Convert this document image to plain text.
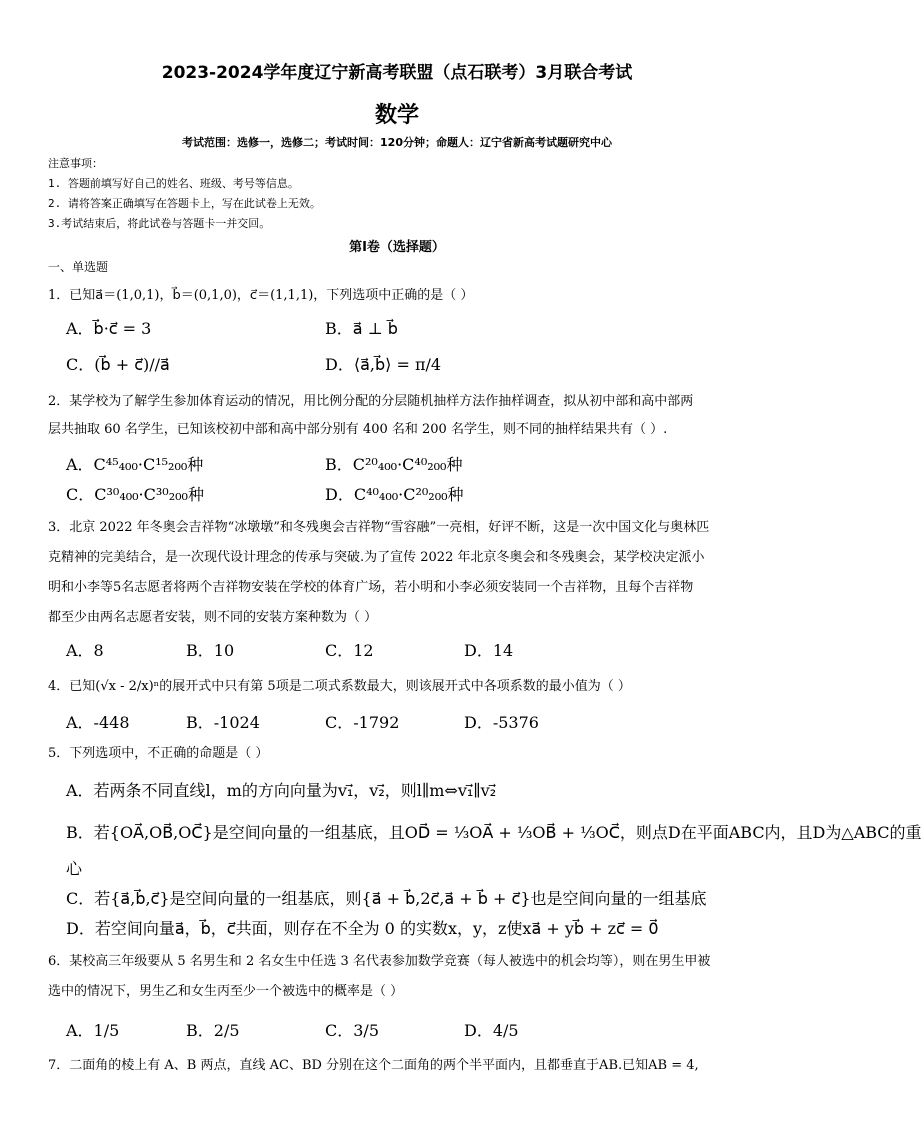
2023-2024学年度辽宁新高考联盟（点石联考）3月联合考试
数学
考试范围：选修一，选修二；考试时间：120分钟；命题人：辽宁省新高考试题研究中心
注意事项：
1. 答题前填写好自己的姓名、班级、考号等信息。
2. 请将答案正确填写在答题卡上，写在此试卷上无效。
3.考试结束后，将此试卷与答题卡一并交回。
第Ⅰ卷（选择题）
一、单选题
1．已知a⃗＝(1,0,1)，b⃗＝(0,1,0)，c⃗＝(1,1,1)，下列选项中正确的是（ ）
A．b⃗·c⃗ = 3	B．a⃗ ⊥ b⃗
C．(b⃗ + c⃗)//a⃗	D．⟨a⃗,b⃗⟩ = π/4
2．某学校为了解学生参加体育运动的情况，用比例分配的分层随机抽样方法作抽样调查，拟从初中部和高中部两
层共抽取 60 名学生，已知该校初中部和高中部分别有 400 名和 200 名学生，则不同的抽样结果共有（ ）.
A．C⁴⁵₄₀₀·C¹⁵₂₀₀种	B．C²⁰₄₀₀·C⁴⁰₂₀₀种
C．C³⁰₄₀₀·C³⁰₂₀₀种	D．C⁴⁰₄₀₀·C²⁰₂₀₀种
3．北京 2022 年冬奥会吉祥物“冰墩墩”和冬残奥会吉祥物“雪容融”一亮相，好评不断，这是一次中国文化与奥林匹
克精神的完美结合，是一次现代设计理念的传承与突破.为了宣传 2022 年北京冬奥会和冬残奥会，某学校决定派小
明和小李等5名志愿者将两个吉祥物安装在学校的体育广场，若小明和小李必须安装同一个吉祥物，且每个吉祥物
都至少由两名志愿者安装，则不同的安装方案种数为（ ）
A．8	B．10	C．12	D．14
4．已知(√x - 2/x)ⁿ的展开式中只有第 5项是二项式系数最大，则该展开式中各项系数的最小值为（ ）
A．-448	B．-1024	C．-1792	D．-5376
5．下列选项中，不正确的命题是（ ）
A．若两条不同直线l，m的方向向量为v₁⃗，v₂⃗，则l∥m⇔v₁⃗∥v₂⃗
B．若{OA⃗,OB⃗,OC⃗}是空间向量的一组基底，且OD⃗ = ⅓OA⃗ + ⅓OB⃗ + ⅓OC⃗，则点D在平面ABC内，且D为△ABC的重
心
C．若{a⃗,b⃗,c⃗}是空间向量的一组基底，则{a⃗ + b⃗,2c⃗,a⃗ + b⃗ + c⃗}也是空间向量的一组基底
D．若空间向量a⃗，b⃗，c⃗共面，则存在不全为 0 的实数x，y，z使xa⃗ + yb⃗ + zc⃗ = 0⃗
6．某校高三年级要从 5 名男生和 2 名女生中任选 3 名代表参加数学竞赛（每人被选中的机会均等），则在男生甲被
选中的情况下，男生乙和女生丙至少一个被选中的概率是（ ）
A．1/5	B．2/5	C．3/5	D．4/5
7．二面角的棱上有 A、B 两点，直线 AC、BD 分别在这个二面角的两个半平面内，且都垂直于AB.已知AB = 4,
